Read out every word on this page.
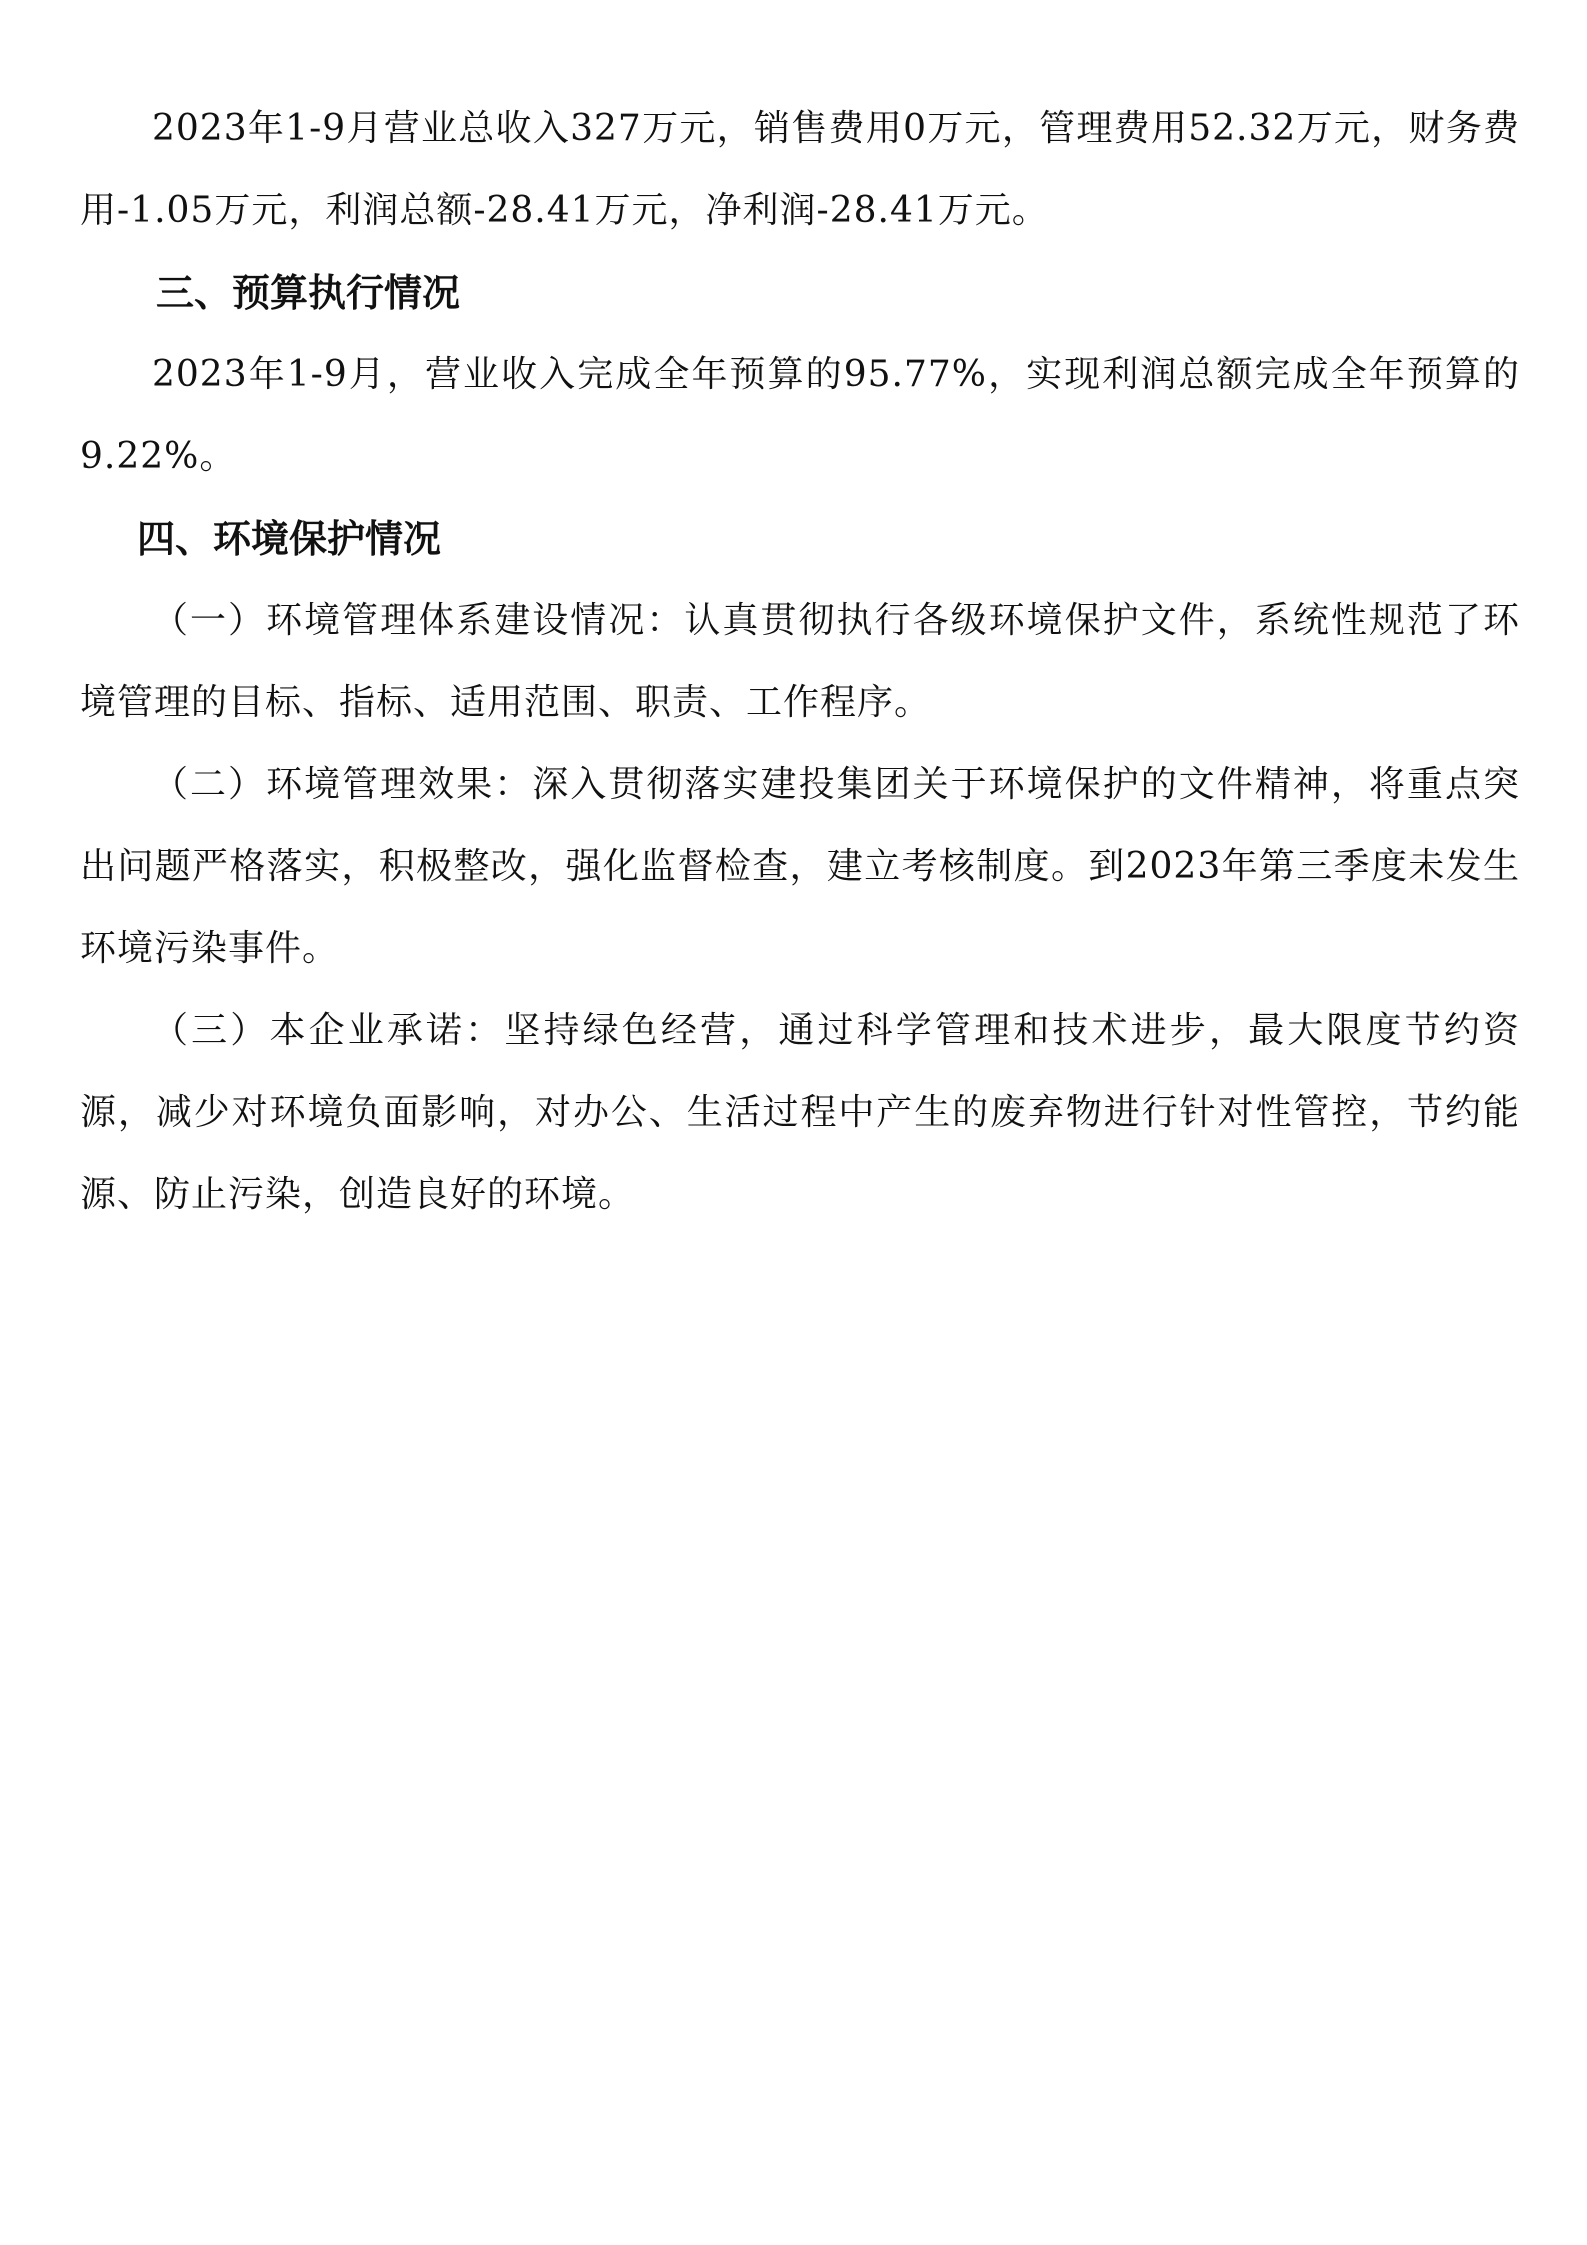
2023年1-9月营业总收入327万元，销售费用0万元，管理费用52.32万元，财务费用-1.05万元，利润总额-28.41万元，净利润-28.41万元。

三、预算执行情况

2023年1-9月，营业收入完成全年预算的95.77%，实现利润总额完成全年预算的9.22%。

四、环境保护情况

（一）环境管理体系建设情况：认真贯彻执行各级环境保护文件，系统性规范了环境管理的目标、指标、适用范围、职责、工作程序。

（二）环境管理效果：深入贯彻落实建投集团关于环境保护的文件精神，将重点突出问题严格落实，积极整改，强化监督检查，建立考核制度。到2023年第三季度未发生环境污染事件。

（三）本企业承诺：坚持绿色经营，通过科学管理和技术进步，最大限度节约资源，减少对环境负面影响，对办公、生活过程中产生的废弃物进行针对性管控，节约能源、防止污染，创造良好的环境。
